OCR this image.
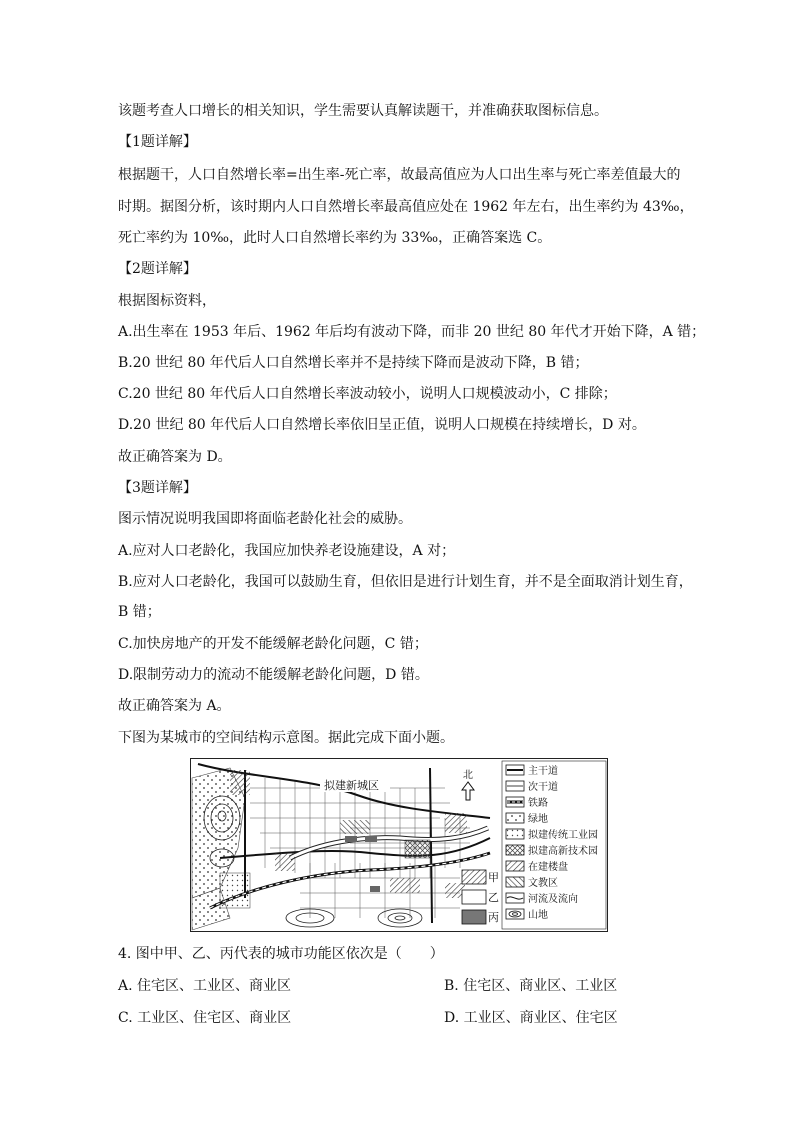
该题考查人口增长的相关知识，学生需要认真解读题干，并准确获取图标信息。
【1题详解】
根据题干，人口自然增长率=出生率-死亡率，故最高值应为人口出生率与死亡率差值最大的
时期。据图分析，该时期内人口自然增长率最高值应处在 1962 年左右，出生率约为 43‰，
死亡率约为 10‰，此时人口自然增长率约为 33‰，正确答案选 C。
【2题详解】
根据图标资料，
A.出生率在 1953 年后、1962 年后均有波动下降，而非 20 世纪 80 年代才开始下降，A 错；
B.20 世纪 80 年代后人口自然增长率并不是持续下降而是波动下降，B 错；
C.20 世纪 80 年代后人口自然增长率波动较小，说明人口规模波动小，C 排除；
D.20 世纪 80 年代后人口自然增长率依旧呈正值，说明人口规模在持续增长，D 对。
故正确答案为 D。
【3题详解】
图示情况说明我国即将面临老龄化社会的威胁。
A.应对人口老龄化，我国应加快养老设施建设，A 对；
B.应对人口老龄化，我国可以鼓励生育，但依旧是进行计划生育，并不是全面取消计划生育，
B 错；
C.加快房地产的开发不能缓解老龄化问题，C 错；
D.限制劳动力的流动不能缓解老龄化问题，D 错。
故正确答案为 A。
下图为某城市的空间结构示意图。据此完成下面小题。
拟建新城区
北
甲
乙
丙
主干道
次干道
铁路
绿地
拟建传统工业园
拟建高新技术园
在建楼盘
文教区
河流及流向
山地
4. 图中甲、乙、丙代表的城市功能区依次是（　　）
A. 住宅区、工业区、商业区	B. 住宅区、商业区、工业区
C. 工业区、住宅区、商业区	D. 工业区、商业区、住宅区
